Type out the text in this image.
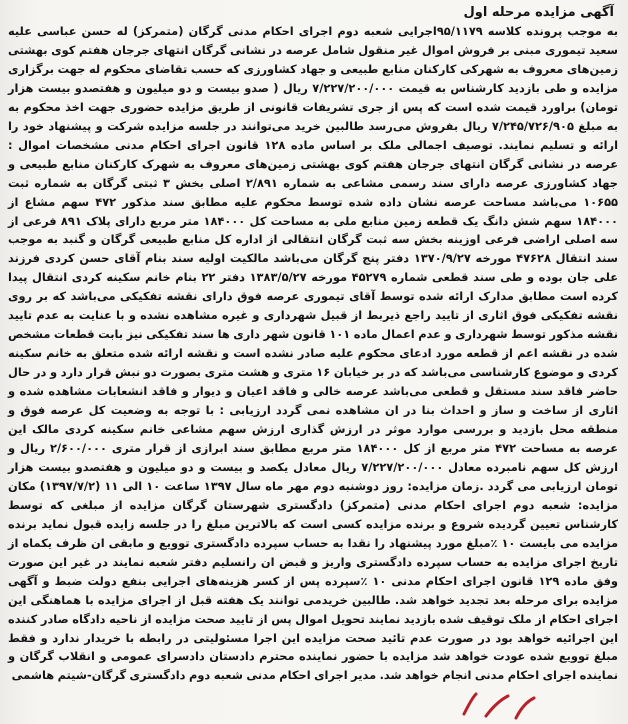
آگهی مزایده مرحله اول

به موجب پرونده کلاسه ۹۵/۱۱۷۹اجرایی شعبه دوم اجرای احکام مدنی گرگان (متمرکز) له حسن عباسی علیه سعید تیموری مبنی بر فروش اموال غیر منقول شامل عرصه در نشانی گرگان انتهای جرجان هفتم کوی بهشتی زمین‌های معروف به شهرکی کارکنان منابع طبیعی و جهاد کشاورزی که حسب تقاضای محکوم له جهت برگزاری مزایده و طی بازدید کارشناس به قیمت ۷/۲۲۷/۲۰۰/۰۰۰ ریال ( صدو بیست و دو میلیون و هفتصدو بیست هزار تومان) براورد قیمت شده است که پس از جری تشریفات قانونی از طریق مزایده حضوری جهت اخذ محکوم به به مبلغ ۷/۲۴۵/۷۲۶/۹۰۵ ریال بفروش می‌رسد طالبین خرید می‌توانند در جلسه مزایده شرکت و پیشنهاد خود را ارائه و تسلیم نمایند. توصیف اجمالی ملک بر اساس ماده ۱۲۸ قانون اجرای احکام مدنی مشخصات اموال : عرصه در نشانی گرگان انتهای جرجان هفتم کوی بهشتی زمین‌های معروف به شهرک کارکنان منابع طبیعی و جهاد کشاورزی عرصه دارای سند رسمی مشاعی به شماره ۲/۸۹۱ اصلی بخش ۳ ثبتی گرگان به شماره ثبت ۱۰۶۵۵ می‌باشد مساحت عرصه نشان داده شده توسط محکوم علیه مطابق سند مذکور ۴۷۲ سهم مشاع از ۱۸۴۰۰۰ سهم شش دانگ یک قطعه زمین منابع ملی به مساحت کل ۱۸۴۰۰۰ متر مربع دارای پلاک ۸۹۱ فرعی از سه اصلی اراضی فرعی اوزینه بخش سه ثبت گرگان انتقالی از اداره کل منابع طبیعی گرگان و گنبد به موجب سند انتقال ۴۷۶۲۸ مورخه ۱۳۷۰/۹/۲۷ دفتر پنج گرگان می‌باشد مالکیت اولیه سند بنام آقای حسن کردی فرزند علی جان بوده و طی سند قطعی شماره ۴۵۲۷۹ مورخه ۱۳۸۳/۵/۲۷ دفتر ۲۲ بنام خانم سکینه کردی انتقال پیدا کرده است مطابق مدارک ارائه شده توسط آقای تیموری عرصه فوق دارای نقشه تفکیکی می‌باشد که بر روی نقشه تفکیکی فوق اثاری از تایید راجع ذیربط از قبیل شهرداری و غیره مشاهده نشده و با عنایت به عدم تایید نقشه مذکور توسط شهرداری و عدم اعمال ماده ۱۰۱ قانون شهر داری ها سند تفکیکی نیز بابت قطعات مشخص شده در نقشه اعم از قطعه مورد ادعای محکوم علیه صادر نشده است و نقشه ارائه شده متعلق به خانم سکینه کردی و موضوع کارشناسی می‌باشد که در بر خیابان ۱۶ متری و هشت متری بصورت دو نبش قرار دارد و در حال حاضر فاقد سند مستقل و قطعی می‌باشد عرصه خالی و فاقد اعیان و دیوار و فاقد انشعابات مشاهده شده و اثاری از ساخت و ساز و احداث بنا در ان مشاهده نمی گردد ارزیابی : با توجه به وضعیت کل عرصه فوق و منطقه محل بازدید و بررسی موارد موثر در ارزش گذاری ارزش سهم مشاعی خانم سکینه کردی مالک این عرصه به مساحت ۴۷۲ متر مربع از کل ۱۸۴۰۰۰ متر مربع مطابق سند ابرازی از قرار متری ۲/۶۰۰/۰۰۰ ریال و ارزش کل سهم نامبرده معادل ۷/۲۲۷/۲۰۰/۰۰۰ ریال معادل یکصد و بیست و دو میلیون و هفتصدو بیست هزار تومان ارزیابی می گردد .زمان مزایده: روز دوشنبه دوم مهر ماه سال ۱۳۹۷ ساعت ۱۰ الی ۱۱ (۱۳۹۷/۷/۲) مکان مزایده: شعبه دوم اجرای احکام مدنی (متمرکز) دادگستری شهرستان گرگان مزایده از مبلغی که توسط کارشناس تعیین گردیده شروع و برنده مزایده کسی است که بالاترین مبلغ را در جلسه زایده قبول نماید برنده مزایده می بایست ۱۰ ٪مبلغ مورد پیشنهاد را نقدا به حساب سپرده دادگستری توویع و مابقی ان ظرف یکماه از تاریخ اجرای مزایده به حساب سپرده دادگستری واریز و قبض ان رانسلیم دفتر شعبه نمایند در غیر این صورت وفق ماده ۱۲۹ قانون اجرای احکام مدنی ۱۰ ٪سپرده پس از کسر هزینه‌های اجرایی بنفع دولت ضبط و آگهی مزایده برای مرحله بعد تجدید خواهد شد. طالبین خریدمی توانند یک هفته قبل از اجرای مزایده با هماهنگی این اجرای احکام از ملک توقیف شده بازدید نمایند تحویل اموال پس از تایید صحت مزایده از ناحیه دادگاه صادر کننده این اجرائیه خواهد بود در صورت عدم تائید صحت مزایده این اجرا مسئولیتی در رابطه با خریدار ندارد و فقط مبلغ توویع شده عودت خواهد شد مزایده با حضور نماینده محترم دادستان دادسرای عمومی و انقلاب گرگان و نماینده اجرای احکام مدنی انجام خواهد شد. مدیر اجرای احکام مدنی شعبه دوم دادگستری گرگان-شیتم هاشمی
